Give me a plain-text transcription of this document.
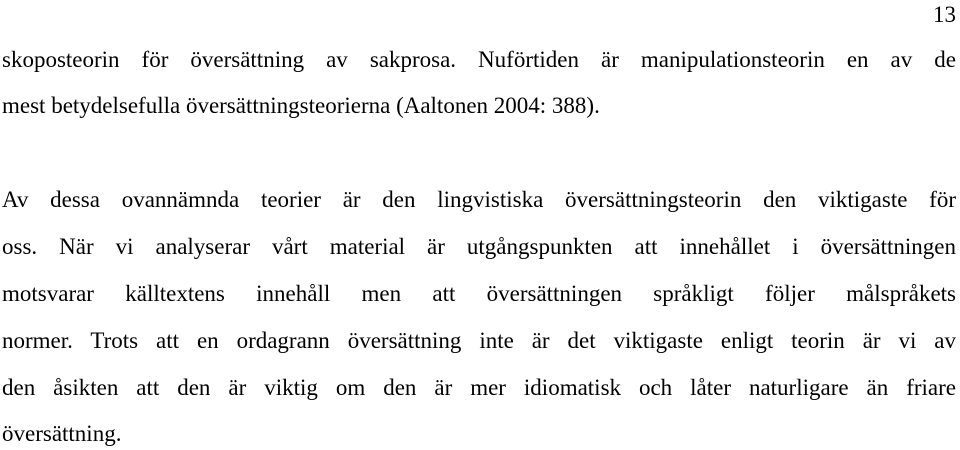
13
skoposteorin för översättning av sakprosa. Nuförtiden är manipulationsteorin en av de
mest betydelsefulla översättningsteorierna (Aaltonen 2004: 388).
Av dessa ovannämnda teorier är den lingvistiska översättningsteorin den viktigaste för
oss. När vi analyserar vårt material är utgångspunkten att innehållet i översättningen
motsvarar källtextens innehåll men att översättningen språkligt följer målspråkets
normer. Trots att en ordagrann översättning inte är det viktigaste enligt teorin är vi av
den åsikten att den är viktig om den är mer idiomatisk och låter naturligare än friare
översättning.
